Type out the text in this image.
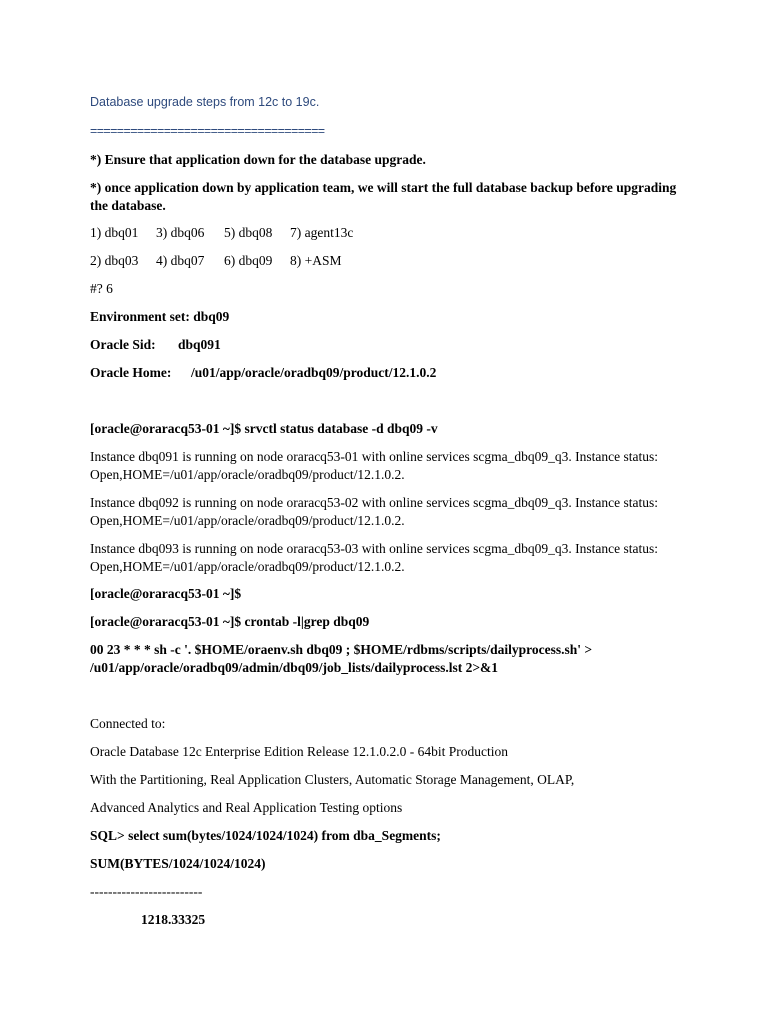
Database upgrade steps from 12c to 19c.
===================================
*) Ensure that application down for the database upgrade.
*) once application down by application team, we will start the full database backup before upgrading the database.
1) dbq01 3) dbq06 5) dbq08 7) agent13c
2) dbq03 4) dbq07 6) dbq09 8) +ASM
#? 6
Environment set: dbq09
Oracle Sid: dbq091
Oracle Home: /u01/app/oracle/oradbq09/product/12.1.0.2
[oracle@oraracq53-01 ~]$ srvctl status database -d dbq09 -v
Instance dbq091 is running on node oraracq53-01 with online services scgma_dbq09_q3. Instance status: Open,HOME=/u01/app/oracle/oradbq09/product/12.1.0.2.
Instance dbq092 is running on node oraracq53-02 with online services scgma_dbq09_q3. Instance status: Open,HOME=/u01/app/oracle/oradbq09/product/12.1.0.2.
Instance dbq093 is running on node oraracq53-03 with online services scgma_dbq09_q3. Instance status: Open,HOME=/u01/app/oracle/oradbq09/product/12.1.0.2.
[oracle@oraracq53-01 ~]$
[oracle@oraracq53-01 ~]$ crontab -l|grep dbq09
00 23 * * * sh -c '. $HOME/oraenv.sh dbq09 ; $HOME/rdbms/scripts/dailyprocess.sh' > /u01/app/oracle/oradbq09/admin/dbq09/job_lists/dailyprocess.lst 2>&1
Connected to:
Oracle Database 12c Enterprise Edition Release 12.1.0.2.0 - 64bit Production
With the Partitioning, Real Application Clusters, Automatic Storage Management, OLAP,
Advanced Analytics and Real Application Testing options
SQL> select sum(bytes/1024/1024/1024) from dba_Segments;
SUM(BYTES/1024/1024/1024)
-------------------------
1218.33325
